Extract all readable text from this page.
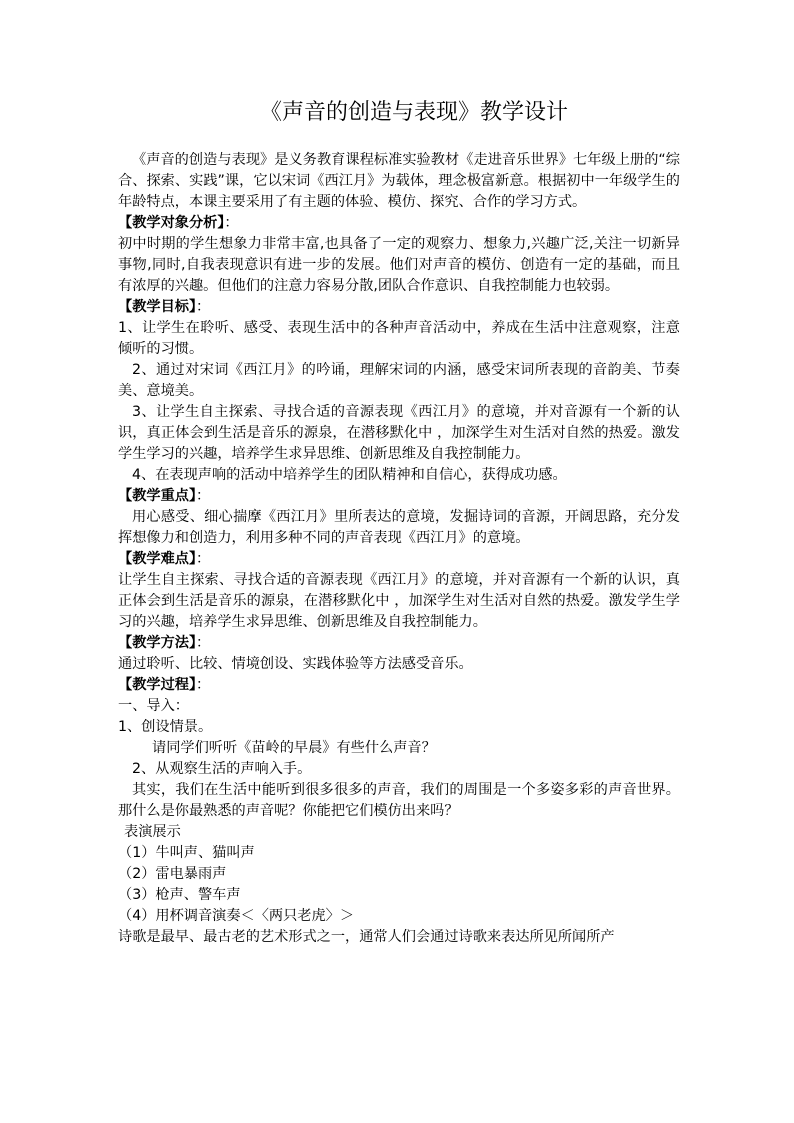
《声音的创造与表现》教学设计

《声音的创造与表现》是义务教育课程标准实验教材《走进音乐世界》七年级上册的“综合、探索、实践”课，它以宋词《西江月》为载体，理念极富新意。根据初中一年级学生的年龄特点，本课主要采用了有主题的体验、模仿、探究、合作的学习方式。

【教学对象分析】：

初中时期的学生想象力非常丰富,也具备了一定的观察力、想象力,兴趣广泛,关注一切新异事物,同时,自我表现意识有进一步的发展。他们对声音的模仿、创造有一定的基础，而且有浓厚的兴趣。但他们的注意力容易分散,团队合作意识、自我控制能力也较弱。

【教学目标】：

1、让学生在聆听、感受、表现生活中的各种声音活动中，养成在生活中注意观察，注意倾听的习惯。

2、通过对宋词《西江月》的吟诵，理解宋词的内涵，感受宋词所表现的音韵美、节奏美、意境美。

3、让学生自主探索、寻找合适的音源表现《西江月》的意境，并对音源有一个新的认识，真正体会到生活是音乐的源泉，在潜移默化中 ，加深学生对生活对自然的热爱。激发学生学习的兴趣，培养学生求异思维、创新思维及自我控制能力。

4、在表现声响的活动中培养学生的团队精神和自信心，获得成功感。

【教学重点】：

用心感受、细心揣摩《西江月》里所表达的意境，发掘诗词的音源，开阔思路，充分发挥想像力和创造力，利用多种不同的声音表现《西江月》的意境。

【教学难点】：

让学生自主探索、寻找合适的音源表现《西江月》的意境，并对音源有一个新的认识，真正体会到生活是音乐的源泉，在潜移默化中 ，加深学生对生活对自然的热爱。激发学生学习的兴趣，培养学生求异思维、创新思维及自我控制能力。

【教学方法】：

通过聆听、比较、情境创设、实践体验等方法感受音乐。

【教学过程】：

一、导入：

1、创设情景。

请同学们听听《苗岭的早晨》有些什么声音？

2、从观察生活的声响入手。

其实，我们在生活中能听到很多很多的声音，我们的周围是一个多姿多彩的声音世界。那什么是你最熟悉的声音呢？你能把它们模仿出来吗？

表演展示

（1）牛叫声、猫叫声

（2）雷电暴雨声

（3）枪声、警车声

（4）用杯调音演奏＜〈两只老虎〉＞

诗歌是最早、最古老的艺术形式之一，通常人们会通过诗歌来表达所见所闻所产
